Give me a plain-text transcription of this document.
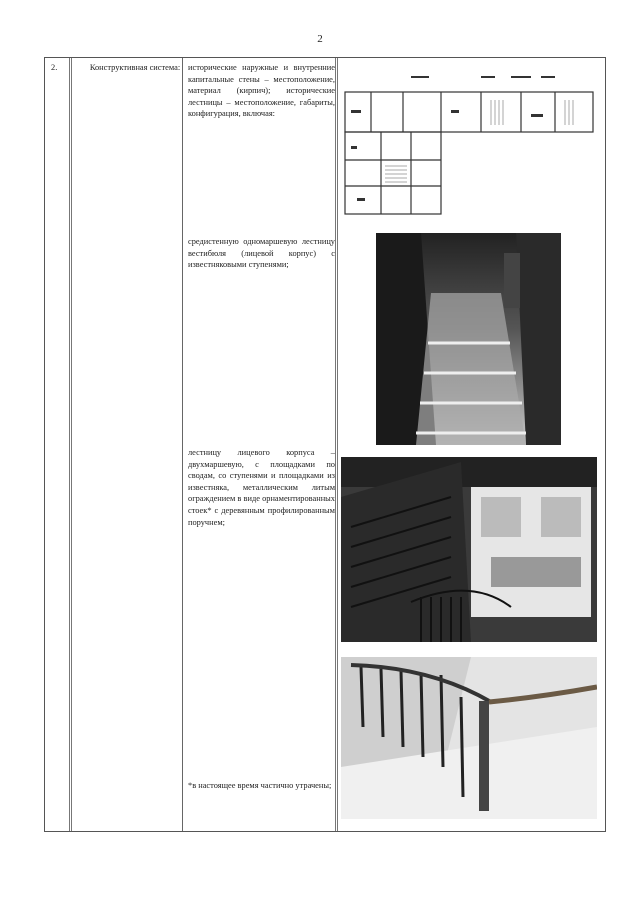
2
2.	Конструктивная система: исторические наружные и внутренние капитальные стены – местоположение, материал (кирпич); исторические лестницы – местоположение, габариты, конфигурация, включая:
средистенную одномаршевую лестницу вестибюля (лицевой корпус) с известняковыми ступенями;
лестницу лицевого корпуса – двухмаршевую, с площадками по сводам, со ступенями и площадками из известняка, металлическим литым ограждением в виде орнаментированных стоек* с деревянным профилированным поручнем;
*в настоящее время частично утрачены;
